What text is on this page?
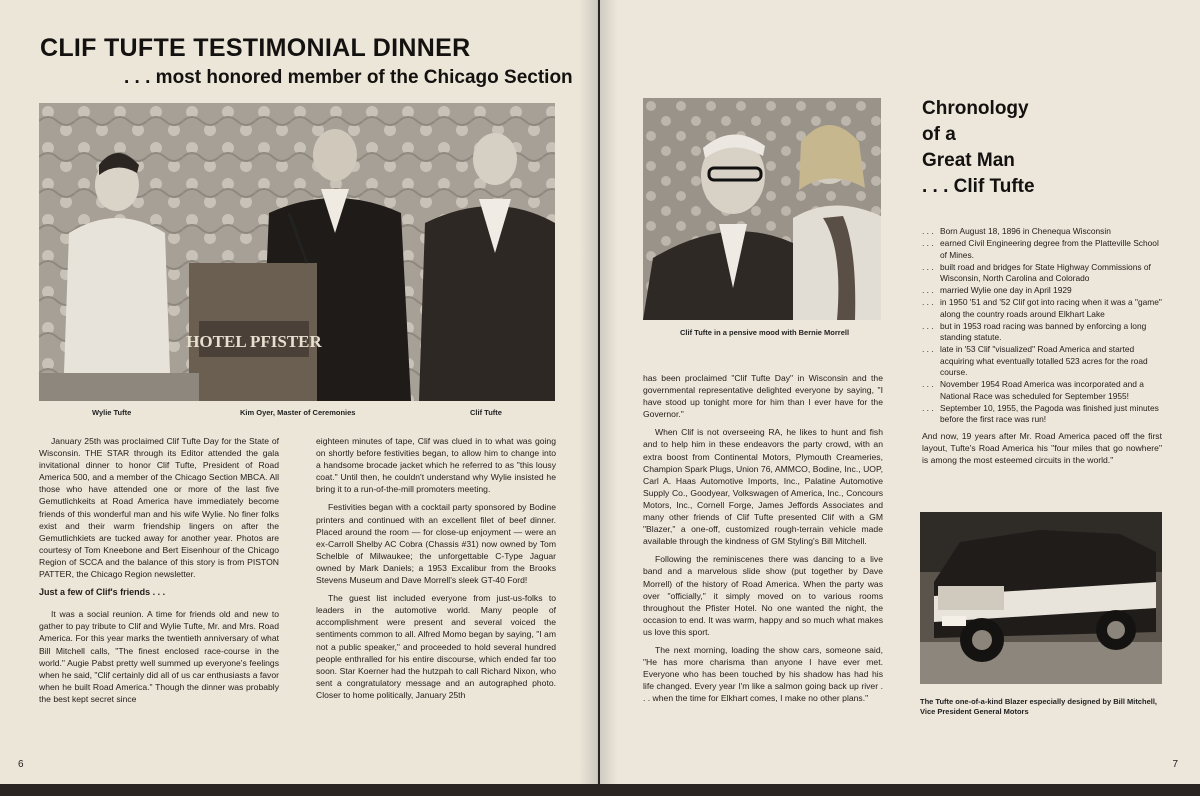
CLIF TUFTE TESTIMONIAL DINNER
. . . most honored member of the Chicago Section
HOTEL PFISTER
Wylie Tufte	Kim Oyer, Master of Ceremonies	Clif Tufte

January 25th was proclaimed Clif Tufte Day for the State of Wisconsin. THE STAR through its Editor attended the gala invitational dinner to honor Clif Tufte, President of Road America 500, and a member of the Chicago Section MBCA. All those who have attended one or more of the last five Gemutlichkeits at Road America have immediately become friends of this wonderful man and his wife Wylie. No finer folks exist and their warm friendship lingers on after the Gemutlichkiets are tucked away for another year. Photos are courtesy of Tom Kneebone and Bert Eisenhour of the Chicago Region of SCCA and the balance of this story is from PISTON PATTER, the Chicago Region newsletter.

Just a few of Clif's friends . . .

It was a social reunion. A time for friends old and new to gather to pay tribute to Clif and Wylie Tufte, Mr. and Mrs. Road America. For this year marks the twentieth anniversary of what Bill Mitchell calls, "The finest enclosed race-course in the world." Augie Pabst pretty well summed up everyone's feelings when he said, "Clif certainly did all of us car enthusiasts a favor when he built Road America." Though the dinner was probably the best kept secret since

eighteen minutes of tape, Clif was clued in to what was going on shortly before festivities began, to allow him to change into a handsome brocade jacket which he referred to as "this lousy coat." Until then, he couldn't understand why Wylie insisted he bring it to a run-of-the-mill promoters meeting.

Festivities began with a cocktail party sponsored by Bodine printers and continued with an excellent filet of beef dinner. Placed around the room — for close-up enjoyment — were an ex-Carroll Shelby AC Cobra (Chassis #31) now owned by Tom Schelble of Milwaukee; the unforgettable C-Type Jaguar owned by Mark Daniels; a 1953 Excalibur from the Brooks Stevens Museum and Dave Morrell's sleek GT-40 Ford!

The guest list included everyone from just-us-folks to leaders in the automotive world. Many people of accomplishment were present and several voiced the sentiments common to all. Alfred Momo began by saying, "I am not a public speaker," and proceeded to hold several hundred people enthralled for his entire discourse, which ended far too soon. Star Koerner had the hutzpah to call Richard Nixon, who sent a congratulatory message and an autographed photo. Closer to home politically, January 25th

6
Clif Tufte in a pensive mood with Bernie Morrell

has been proclaimed "Clif Tufte Day" in Wisconsin and the governmental representative delighted everyone by saying, "I have stood up tonight more for him than I ever have for the Governor."

When Clif is not overseeing RA, he likes to hunt and fish and to help him in these endeavors the party crowd, with an extra boost from Continental Motors, Plymouth Creameries, Champion Spark Plugs, Union 76, AMMCO, Bodine, Inc., UOP, Carl A. Haas Automotive Imports, Inc., Palatine Automotive Supply Co., Goodyear, Volkswagen of America, Inc., Concours Motors, Inc., Cornell Forge, James Jeffords Associates and many other friends of Clif Tufte presented Clif with a GM "Blazer," a one-off, customized rough-terrain vehicle made available through the kindness of GM Styling's Bill Mitchell.

Following the reminiscenes there was dancing to a live band and a marvelous slide show (put together by Dave Morrell) of the history of Road America. When the party was over "officially," it simply moved on to various rooms throughout the Pfister Hotel. No one wanted the night, the occasion to end. It was warm, happy and so much what makes us love this sport.

The next morning, loading the show cars, someone said, "He has more charisma than anyone I have ever met. Everyone who has been touched by his shadow has had his life changed. Every year I'm like a salmon going back up river . . . when the time for Elkhart comes, I make no other plans."

Chronology
of a
Great Man
. . . Clif Tufte
. . . Born August 18, 1896 in Chenequa Wisconsin
. . . earned Civil Engineering degree from the Platteville School of Mines.
. . . built road and bridges for State Highway Commissions of Wisconsin, North Carolina and Colorado
. . . married Wylie one day in April 1929
. . . in 1950 '51 and '52 Clif got into racing when it was a "game" along the country roads around Elkhart Lake
. . . but in 1953 road racing was banned by enforcing a long standing statute.
. . . late in '53 Clif "visualized" Road America and started acquiring what eventually totalled 523 acres for the road course.
. . . November 1954 Road America was incorporated and a National Race was scheduled for September 1955!
. . . September 10, 1955, the Pagoda was finished just minutes before the first race was run!
And now, 19 years after Mr. Road America paced off the first layout, Tufte's Road America his "four miles that go nowhere" is among the most esteemed circuits in the world."
The Tufte one-of-a-kind Blazer especially designed by Bill Mitchell,
Vice President General Motors
7
